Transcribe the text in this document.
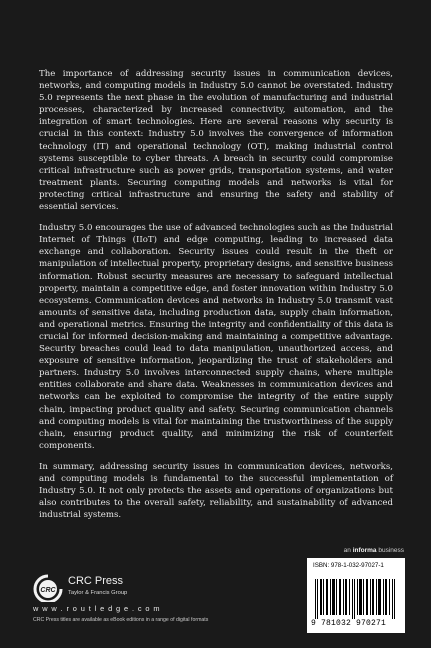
The importance of addressing security issues in communication devices, networks, and computing models in Industry 5.0 cannot be overstated. Industry 5.0 represents the next phase in the evolution of manufacturing and industrial processes, characterized by increased connectivity, automation, and the integration of smart technologies. Here are several reasons why security is crucial in this context: Industry 5.0 involves the convergence of information technology (IT) and operational technology (OT), making industrial control systems susceptible to cyber threats. A breach in security could compromise critical infrastructure such as power grids, transportation systems, and water treatment plants. Securing computing models and networks is vital for protecting critical infrastructure and ensuring the safety and stability of essential services.

Industry 5.0 encourages the use of advanced technologies such as the Industrial Internet of Things (IIoT) and edge computing, leading to increased data exchange and collaboration. Security issues could result in the theft or manipulation of intellectual property, proprietary designs, and sensitive business information. Robust security measures are necessary to safeguard intellectual property, maintain a competitive edge, and foster innovation within Industry 5.0 ecosystems. Communication devices and networks in Industry 5.0 transmit vast amounts of sensitive data, including production data, supply chain information, and operational metrics. Ensuring the integrity and confidentiality of this data is crucial for informed decision-making and maintaining a competitive advantage. Security breaches could lead to data manipulation, unauthorized access, and exposure of sensitive information, jeopardizing the trust of stakeholders and partners. Industry 5.0 involves interconnected supply chains, where multiple entities collaborate and share data. Weaknesses in communication devices and networks can be exploited to compromise the integrity of the entire supply chain, impacting product quality and safety. Securing communication channels and computing models is vital for maintaining the trustworthiness of the supply chain, ensuring product quality, and minimizing the risk of counterfeit components.

In summary, addressing security issues in communication devices, networks, and computing models is fundamental to the successful implementation of Industry 5.0. It not only protects the assets and operations of organizations but also contributes to the overall safety, reliability, and sustainability of advanced industrial systems.

an informa business
ISBN: 978-1-032-97027-1
9 781032 970271
CRC
CRC Press
Taylor & Francis Group
w w w . r o u t l e d g e . c o m
CRC Press titles are available as eBook editions in a range of digital formats
